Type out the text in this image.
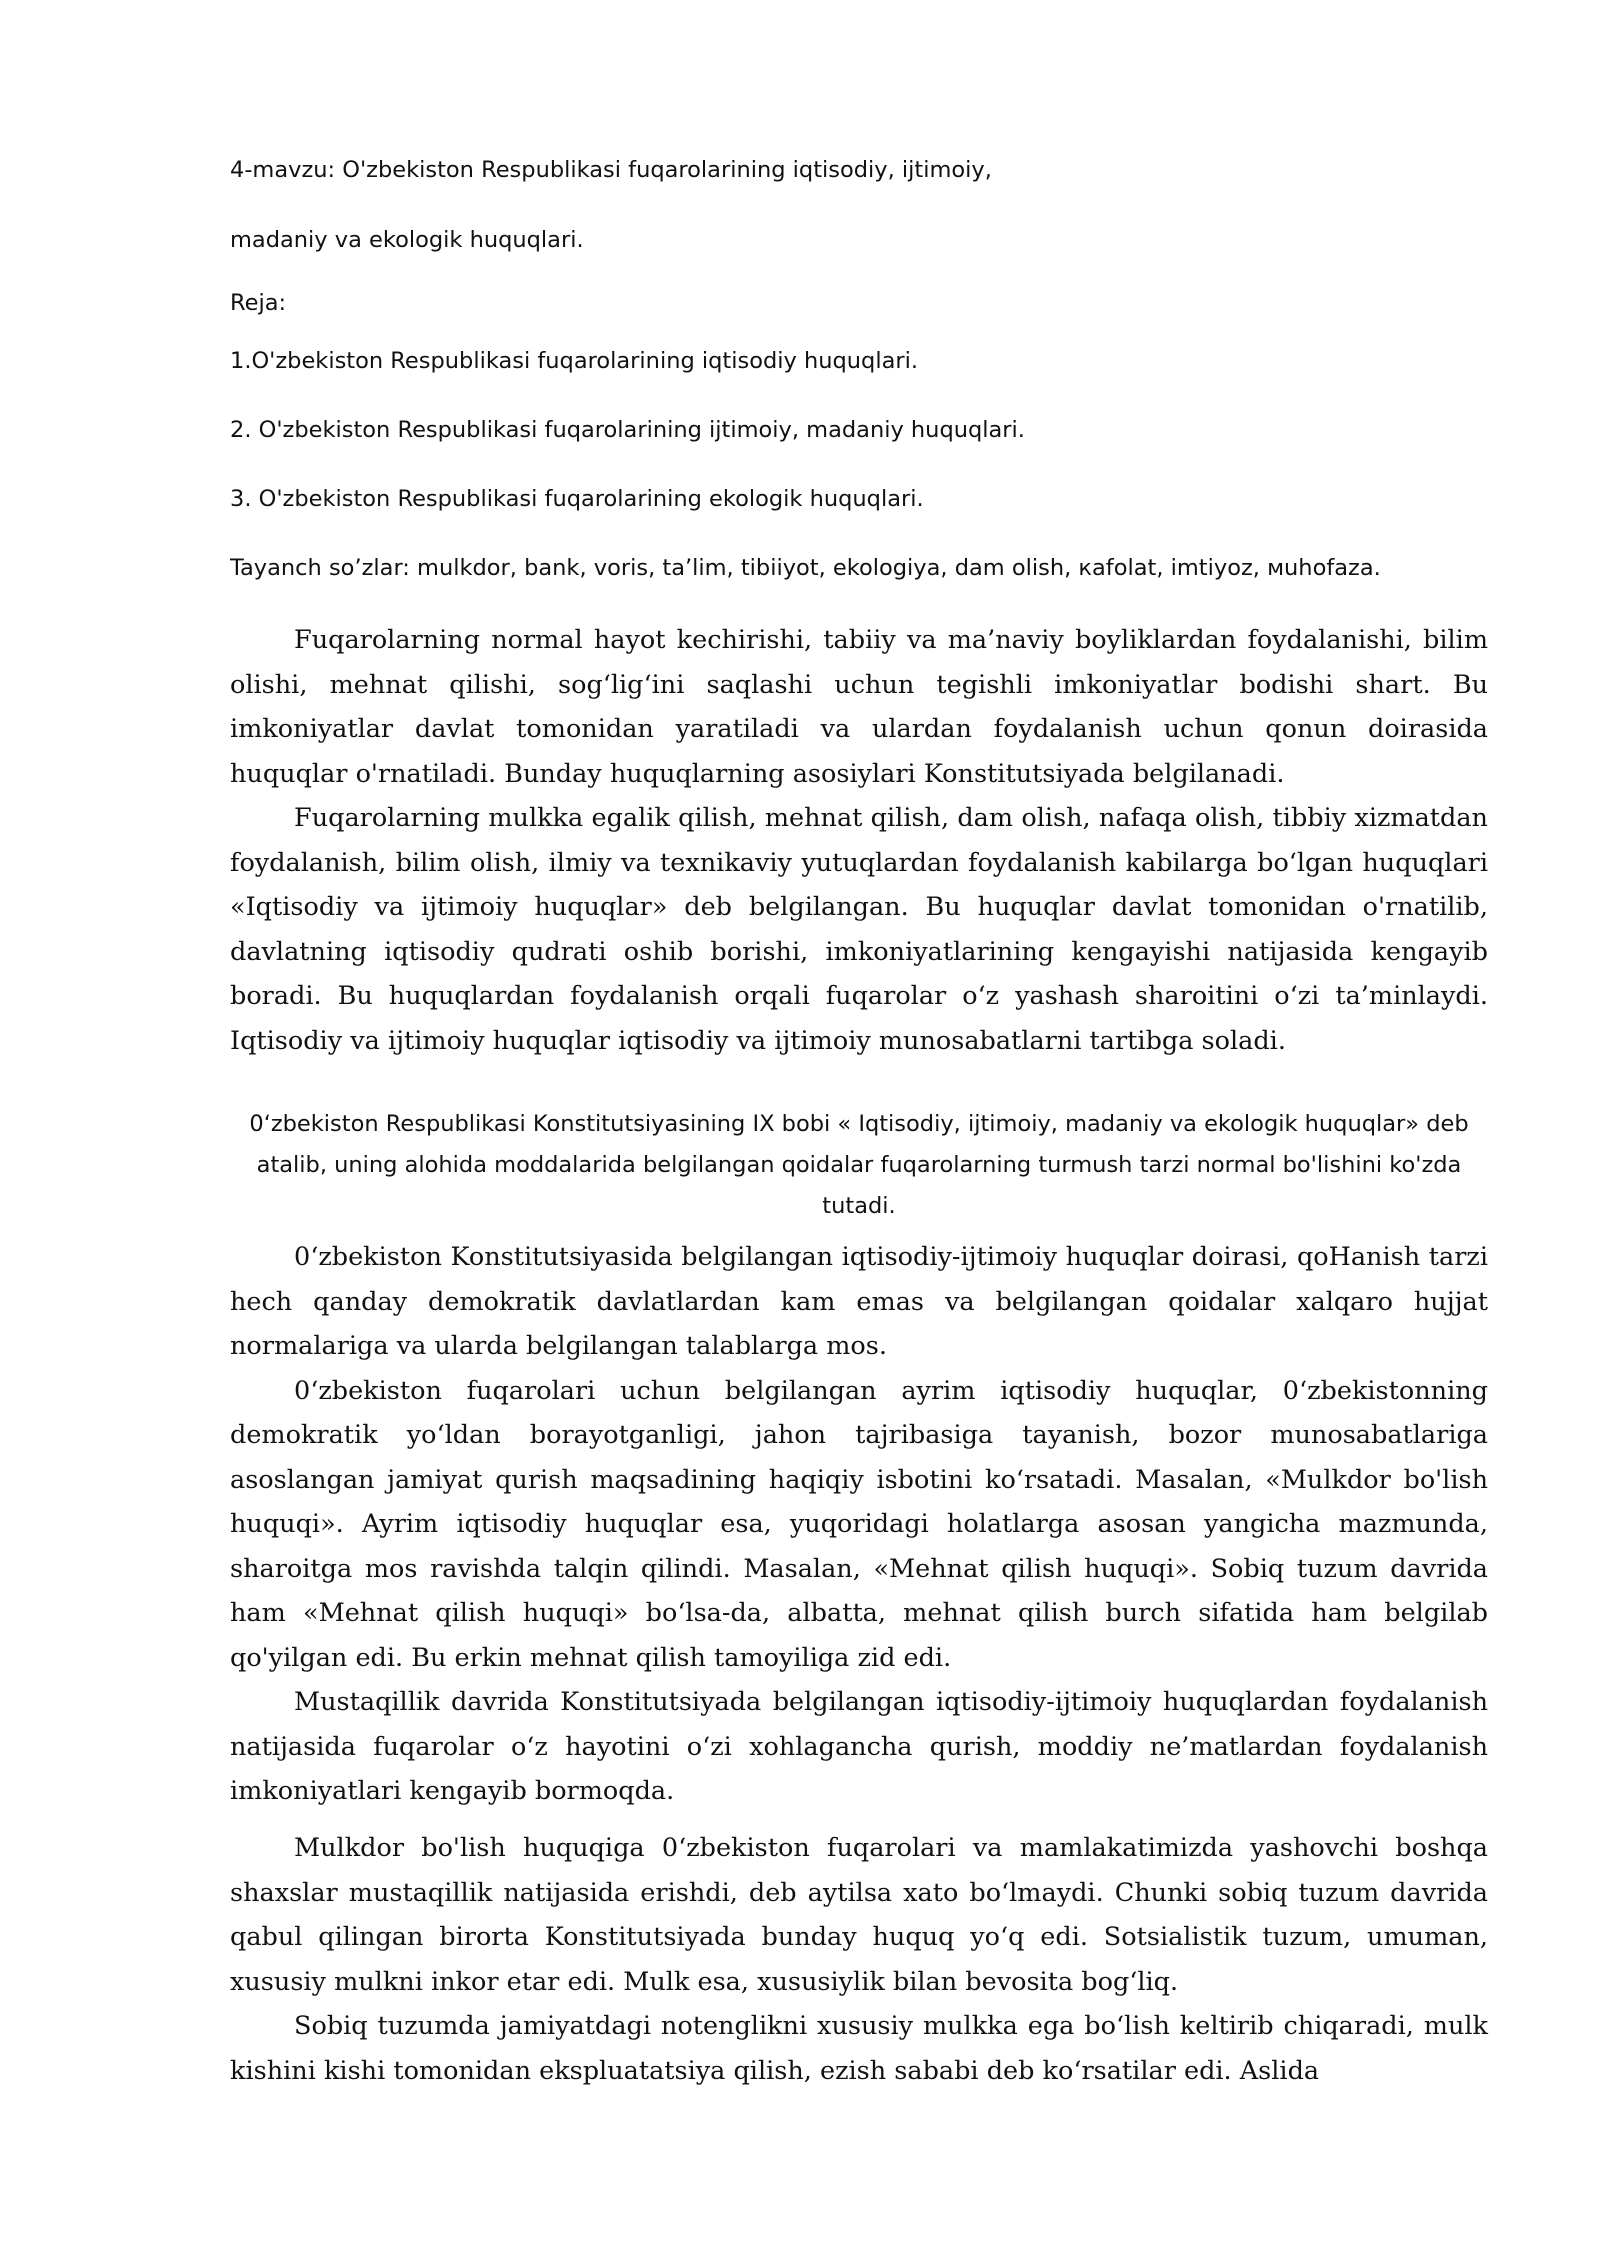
4-mavzu: O'zbekiston Respublikasi fuqarolarining iqtisodiy, ijtimoiy,

madaniy va ekologik huquqlari.

Reja:

1.O'zbekiston Respublikasi fuqarolarining iqtisodiy huquqlari.

2. O'zbekiston Respublikasi fuqarolarining ijtimoiy, madaniy huquqlari.

3. O'zbekiston Respublikasi fuqarolarining ekologik huquqlari.

Tayanch so’zlar: mulkdor, bank, voris, ta’lim, tibiiyot, ekologiya, dam olish, кafolat, imtiyoz, мuhofaza.

Fuqarolarning normal hayot kechirishi, tabiiy va ma’naviy boyliklardan foydalanishi, bilim olishi, mehnat qilishi, sog‘lig‘ini saqlashi uchun tegishli imkoniyatlar bodishi shart. Bu imkoniyatlar davlat tomonidan yaratiladi va ulardan foydalanish uchun qonun doirasida huquqlar o'rnatiladi. Bunday huquqlarning asosiylari Konstitutsiyada belgilanadi.

Fuqarolarning mulkka egalik qilish, mehnat qilish, dam olish, nafaqa olish, tibbiy xizmatdan foydalanish, bilim olish, ilmiy va texnikaviy yutuqlardan foydalanish kabilarga bo‘lgan huquqlari «Iqtisodiy va ijtimoiy huquqlar» deb belgilangan. Bu huquqlar davlat tomonidan o'rnatilib, davlatning iqtisodiy qudrati oshib borishi, imkoniyatlarining kengayishi natijasida kengayib boradi. Bu huquqlardan foydalanish orqali fuqarolar o‘z yashash sharoitini o‘zi ta’minlaydi. Iqtisodiy va ijtimoiy huquqlar iqtisodiy va ijtimoiy munosabatlarni tartibga soladi.

0‘zbekiston Respublikasi Konstitutsiyasining IX bobi « Iqtisodiy, ijtimoiy, madaniy va ekologik huquqlar» deb atalib, uning alohida moddalarida belgilangan qoidalar fuqarolarning turmush tarzi normal bo'lishini ko'zda tutadi.

0‘zbekiston Konstitutsiyasida belgilangan iqtisodiy-ijtimoiy huquqlar doirasi, qoHanish tarzi hech qanday demokratik davlatlardan kam emas va belgilangan qoidalar xalqaro hujjat normalariga va ularda belgilangan talablarga mos.

0‘zbekiston fuqarolari uchun belgilangan ayrim iqtisodiy huquqlar, 0‘zbekistonning demokratik yo‘ldan borayotganligi, jahon tajribasiga tayanish, bozor munosabatlariga asoslangan jamiyat qurish maqsadining haqiqiy isbotini ko‘rsatadi. Masalan, «Mulkdor bo'lish huquqi». Ayrim iqtisodiy huquqlar esa, yuqoridagi holatlarga asosan yangicha mazmunda, sharoitga mos ravishda talqin qilindi. Masalan, «Mehnat qilish huquqi». Sobiq tuzum davrida ham «Mehnat qilish huquqi» bo‘lsa-da, albatta, mehnat qilish burch sifatida ham belgilab qo'yilgan edi. Bu erkin mehnat qilish tamoyiliga zid edi.

Mustaqillik davrida Konstitutsiyada belgilangan iqtisodiy-ijtimoiy huquqlardan foydalanish natijasida fuqarolar o‘z hayotini o‘zi xohlagancha qurish, moddiy ne’matlardan foydalanish imkoniyatlari kengayib bormoqda.

Mulkdor bo'lish huquqiga 0‘zbekiston fuqarolari va mamlakatimizda yashovchi boshqa shaxslar mustaqillik natijasida erishdi, deb aytilsa xato bo‘lmaydi. Chunki sobiq tuzum davrida qabul qilingan birorta Konstitutsiyada bunday huquq yo‘q edi. Sotsialistik tuzum, umuman, xususiy mulkni inkor etar edi. Mulk esa, xususiylik bilan bevosita bog‘liq.

Sobiq tuzumda jamiyatdagi notenglikni xususiy mulkka ega bo‘lish keltirib chiqaradi, mulk kishini kishi tomonidan ekspluatatsiya qilish, ezish sababi deb ko‘rsatilar edi. Aslida
